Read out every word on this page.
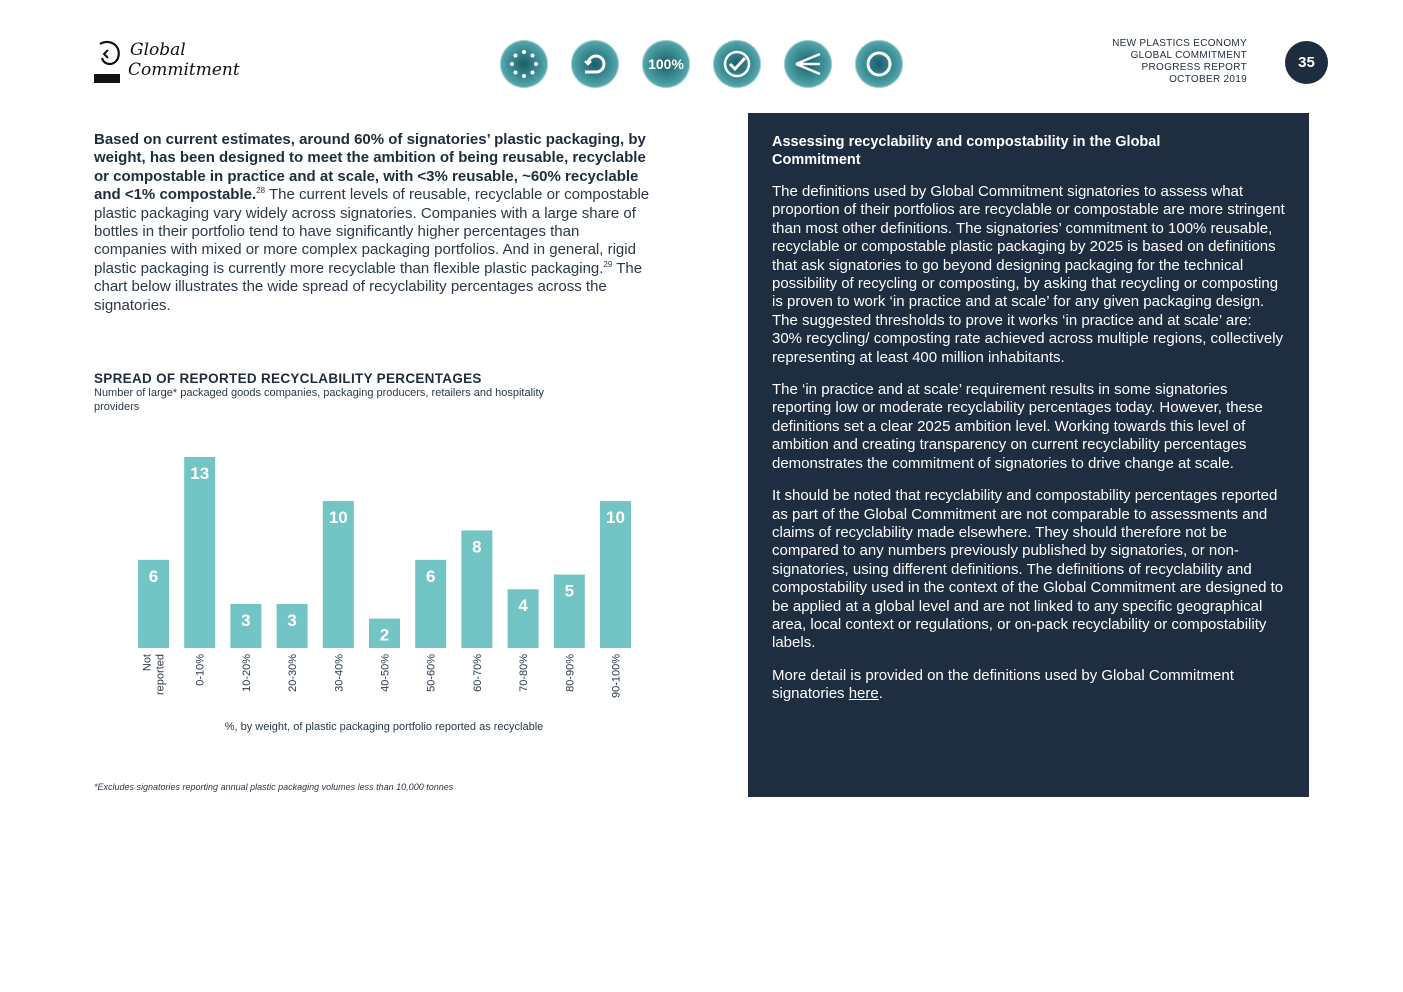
Global
Commitment	100%
NEW PLASTICS ECONOMY
GLOBAL COMMITMENT
PROGRESS REPORT
OCTOBER 2019
35
Based on current estimates, around 60% of signatories’ plastic packaging, by weight, has been designed to meet the ambition of being reusable, recyclable or compostable in practice and at scale, with <3% reusable, ~60% recyclable and <1% compostable.$^{28}$ The current levels of reusable, recyclable or compostable plastic packaging vary widely across signatories. Companies with a large share of bottles in their portfolio tend to have significantly higher percentages than companies with mixed or more complex packaging portfolios. And in general, rigid plastic packaging is currently more recyclable than flexible plastic packaging.$^{29}$ The chart below illustrates the wide spread of recyclability percentages across the signatories.
SPREAD OF REPORTED RECYCLABILITY PERCENTAGES
Number of large* packaged goods companies, packaging producers, retailers and hospitality providers
6
Notreported
13
0-10%
3
10-20%
3
20-30%
10
30-40%
2
40-50%
6
50-60%
8
60-70%
4
70-80%
5
80-90%
10
90-100%
%, by weight, of plastic packaging portfolio reported as recyclable
*Excludes signatories reporting annual plastic packaging volumes less than 10,000 tonnes
Assessing recyclability and compostability in the Global Commitment

The definitions used by Global Commitment signatories to assess what proportion of their portfolios are recyclable or compostable are more stringent than most other definitions. The signatories’ commitment to 100% reusable, recyclable or compostable plastic packaging by 2025 is based on definitions that ask signatories to go beyond designing packaging for the technical possibility of recycling or composting, by asking that recycling or composting is proven to work ‘in practice and at scale’ for any given packaging design. The suggested thresholds to prove it works ‘in practice and at scale’ are: 30% recycling/ composting rate achieved across multiple regions, collectively representing at least 400 million inhabitants.

The ‘in practice and at scale’ requirement results in some signatories reporting low or moderate recyclability percentages today. However, these definitions set a clear 2025 ambition level. Working towards this level of ambition and creating transparency on current recyclability percentages demonstrates the commitment of signatories to drive change at scale.

It should be noted that recyclability and compostability percentages reported as part of the Global Commitment are not comparable to assessments and claims of recyclability made elsewhere. They should therefore not be compared to any numbers previously published by signatories, or non-signatories, using different definitions. The definitions of recyclability and compostability used in the context of the Global Commitment are designed to be applied at a global level and are not linked to any specific geographical area, local context or regulations, or on-pack recyclability or compostability labels.

More detail is provided on the definitions used by Global Commitment signatories here.
